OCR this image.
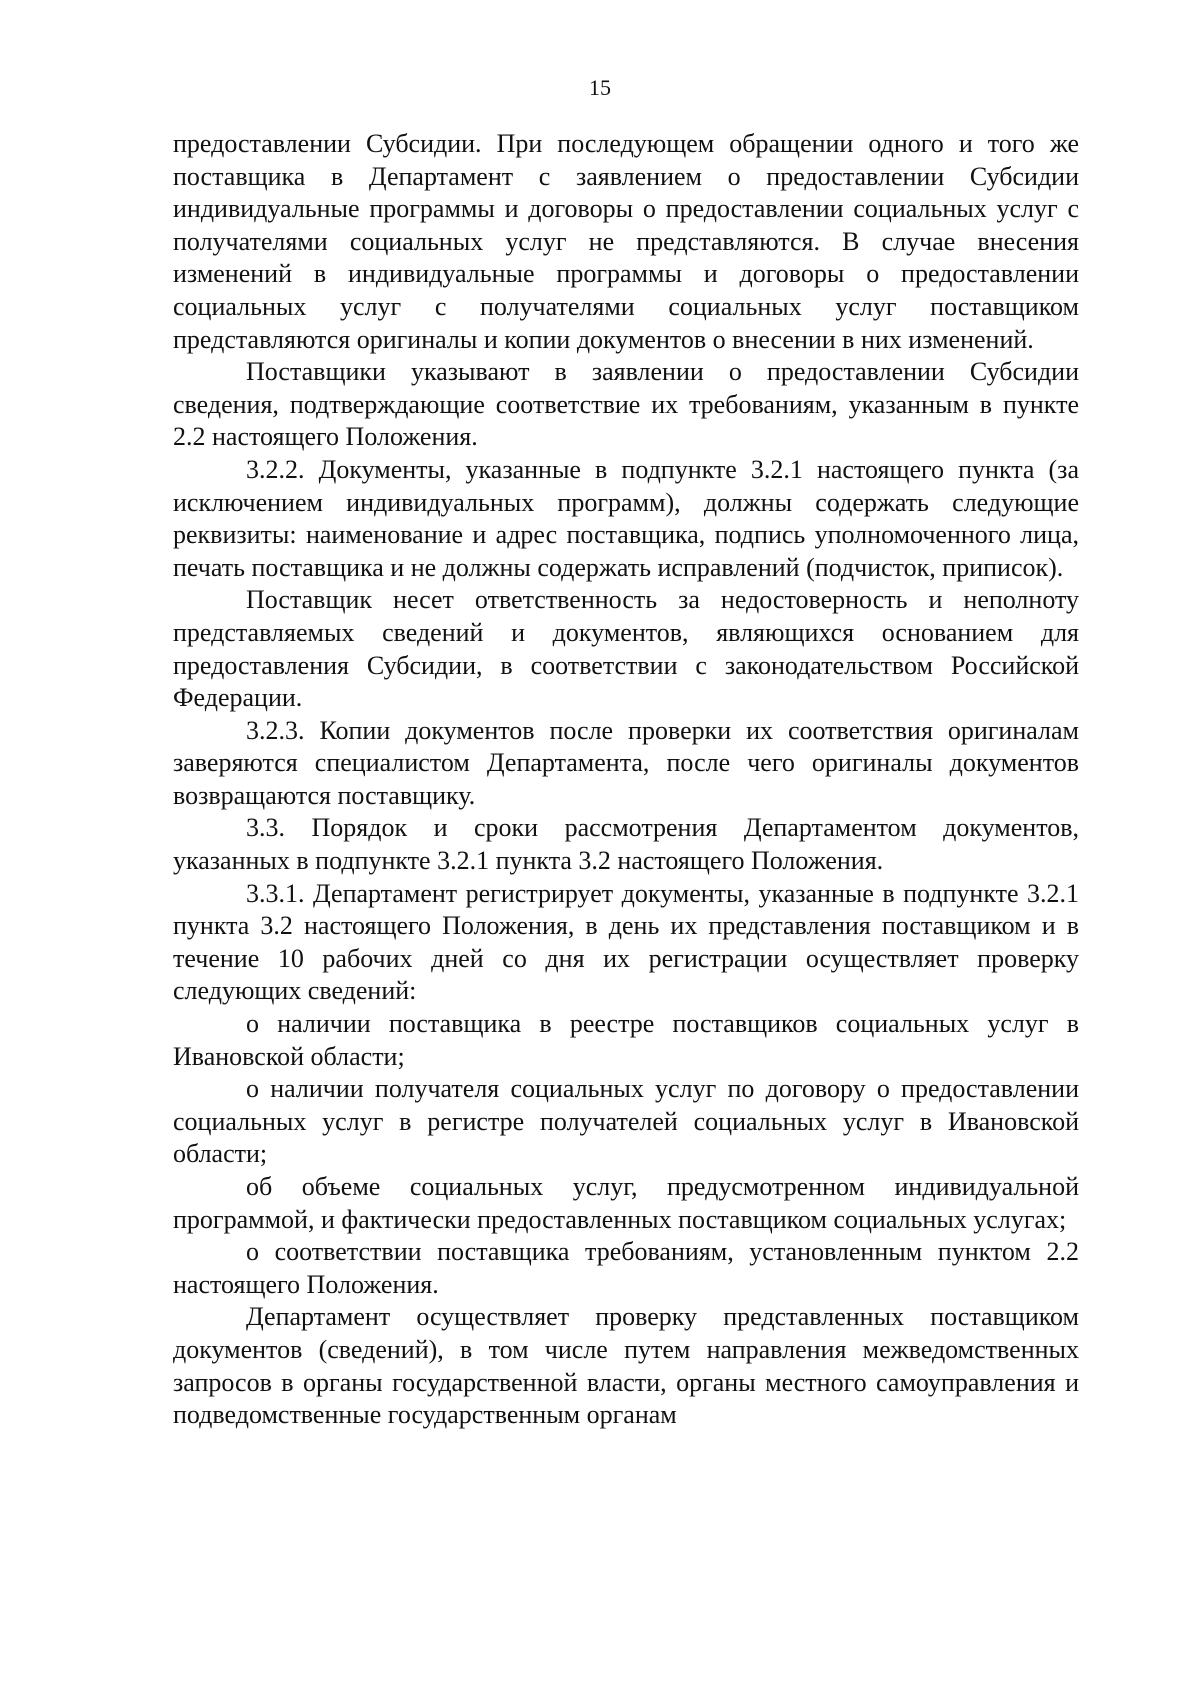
15

предоставлении Субсидии. При последующем обращении одного и того же поставщика в Департамент с заявлением о предоставлении Субсидии индивидуальные программы и договоры о предоставлении социальных услуг с получателями социальных услуг не представляются. В случае внесения изменений в индивидуальные программы и договоры о предоставлении социальных услуг с получателями социальных услуг поставщиком представляются оригиналы и копии документов о внесении в них изменений.

Поставщики указывают в заявлении о предоставлении Субсидии сведения, подтверждающие соответствие их требованиям, указанным в пункте 2.2 настоящего Положения.

3.2.2. Документы, указанные в подпункте 3.2.1 настоящего пункта (за исключением индивидуальных программ), должны содержать следующие реквизиты: наименование и адрес поставщика, подпись уполномоченного лица, печать поставщика и не должны содержать исправлений (подчисток, приписок).

Поставщик несет ответственность за недостоверность и неполноту представляемых сведений и документов, являющихся основанием для предоставления Субсидии, в соответствии с законодательством Российской Федерации.

3.2.3. Копии документов после проверки их соответствия оригиналам заверяются специалистом Департамента, после чего оригиналы документов возвращаются поставщику.

3.3. Порядок и сроки рассмотрения Департаментом документов, указанных в подпункте 3.2.1 пункта 3.2 настоящего Положения.

3.3.1. Департамент регистрирует документы, указанные в подпункте 3.2.1 пункта 3.2 настоящего Положения, в день их представления поставщиком и в течение 10 рабочих дней со дня их регистрации осуществляет проверку следующих сведений:

о наличии поставщика в реестре поставщиков социальных услуг в Ивановской области;

о наличии получателя социальных услуг по договору о предоставлении социальных услуг в регистре получателей социальных услуг в Ивановской области;

об объеме социальных услуг, предусмотренном индивидуальной программой, и фактически предоставленных поставщиком социальных услугах;

о соответствии поставщика требованиям, установленным пунктом 2.2 настоящего Положения.

Департамент осуществляет проверку представленных поставщиком документов (сведений), в том числе путем направления межведомственных запросов в органы государственной власти, органы местного самоуправления и подведомственные государственным органам
